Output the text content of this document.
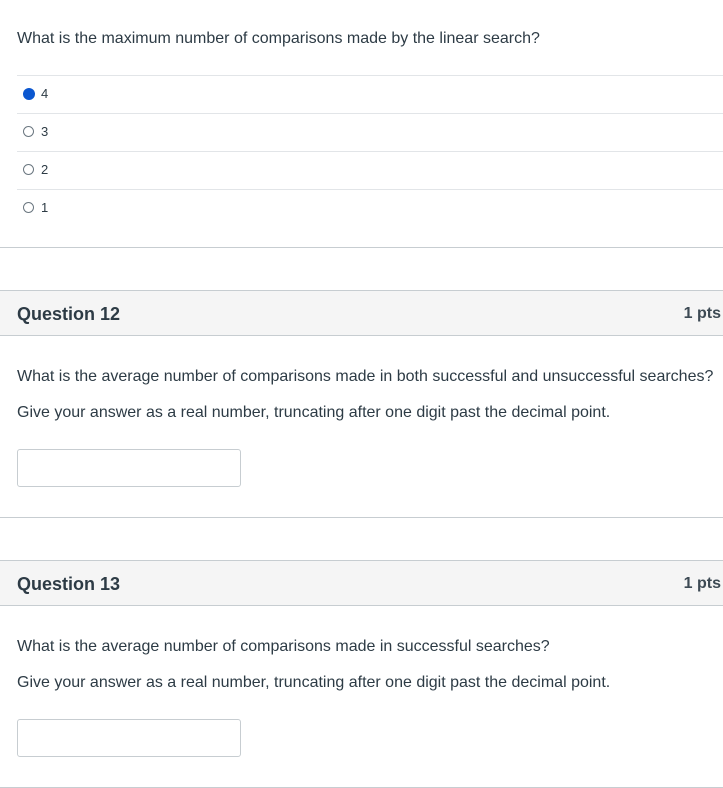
What is the maximum number of comparisons made by the linear search?
4
3
2
1
Question 12	1 pts
What is the average number of comparisons made in both successful and unsuccessful searches?
Give your answer as a real number, truncating after one digit past the decimal point.
Question 13	1 pts
What is the average number of comparisons made in successful searches?
Give your answer as a real number, truncating after one digit past the decimal point.
